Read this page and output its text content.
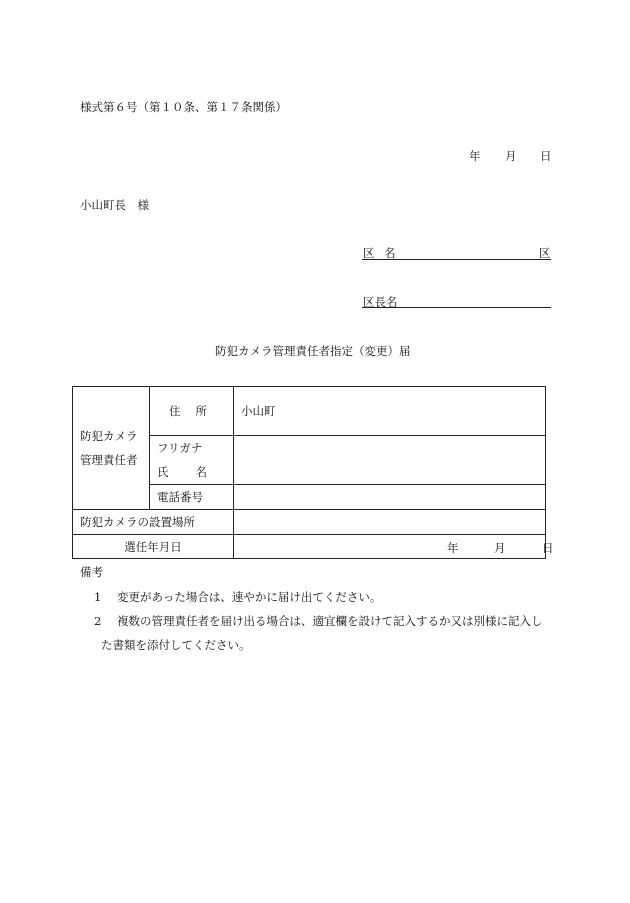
様式第６号（第１０条、第１７条関係）
年 月 日
小山町長　様
区 名	区
区長名
防犯カメラ管理責任者指定（変更）届
防犯カメラ
管理責任者	住 所	小山町

	フリガナ
氏 名	

	電話番号	
防犯カメラの設置場所		
選任年月日		年 月 日
備考
1 変更があった場合は、速やかに届け出てください。
2 複数の管理責任者を届け出る場合は、適宜欄を設けて記入するか又は別様に記入し
た書類を添付してください。
